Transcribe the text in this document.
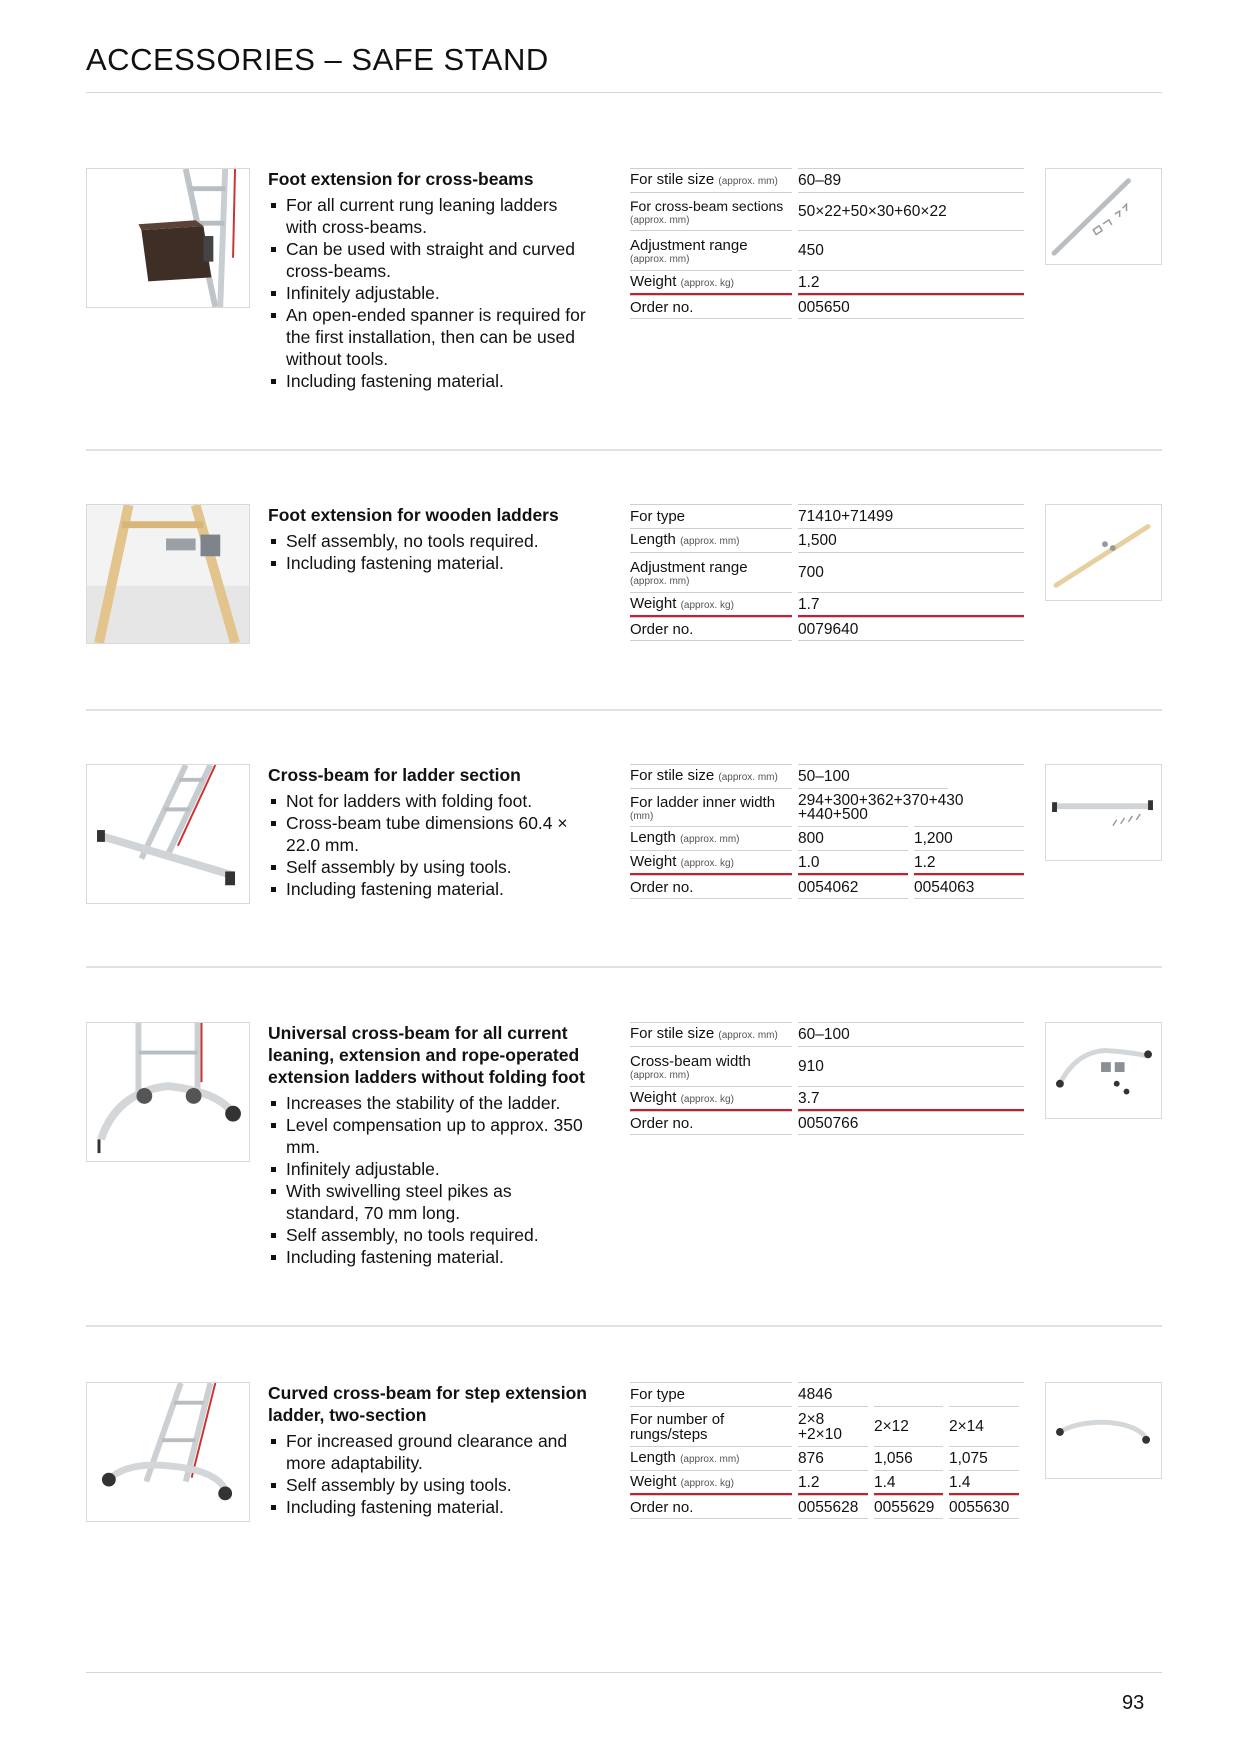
ACCESSORIES – SAFE STAND
Foot extension for cross-beams
For all current rung leaning ladders with cross-beams.
Can be used with straight and curved cross-beams.
Infinitely adjustable.
An open-ended spanner is required for the first installation, then can be used without tools.
Including fastening material.
For stile size (approx. mm)	60–89
For cross-beam sections
(approx. mm)	50×22+50×30+60×22
Adjustment range
(approx. mm)	450
Weight (approx. kg)	1.2
Order no.	005650
Foot extension for wooden ladders
Self assembly, no tools required.
Including fastening material.
For type	71410+71499
Length (approx. mm)	1,500
Adjustment range
(approx. mm)	700
Weight (approx. kg)	1.7
Order no.	0079640
Cross-beam for ladder section
Not for ladders with folding foot.
Cross-beam tube dimensions 60.4 × 22.0 mm.
Self assembly by using tools.
Including fastening material.
For stile size (approx. mm)	50–100
For ladder inner width
(mm)
294+300+362+370+430 +440+500
Length (approx. mm)	800	1,200
Weight (approx. kg)	1.0	1.2
Order no.	0054062	0054063
Universal cross-beam for all current leaning, extension and rope-operated extension ladders without folding foot
Increases the stability of the ladder.
Level compensation up to approx. 350 mm.
Infinitely adjustable.
With swivelling steel pikes as standard, 70 mm long.
Self assembly, no tools required.
Including fastening material.
For stile size (approx. mm)	60–100
Cross-beam width
(approx. mm)	910
Weight (approx. kg)	3.7
Order no.	0050766
Curved cross-beam for step extension ladder, two-section
For increased ground clearance and more adaptability.
Self assembly by using tools.
Including fastening material.
For type	4846
For number of rungs/steps
2×8 +2×10	2×12	2×14
Length (approx. mm)	876	1,056	1,075
Weight (approx. kg)	1.2	1.4	1.4
Order no.	0055628	0055629 0055630
93
